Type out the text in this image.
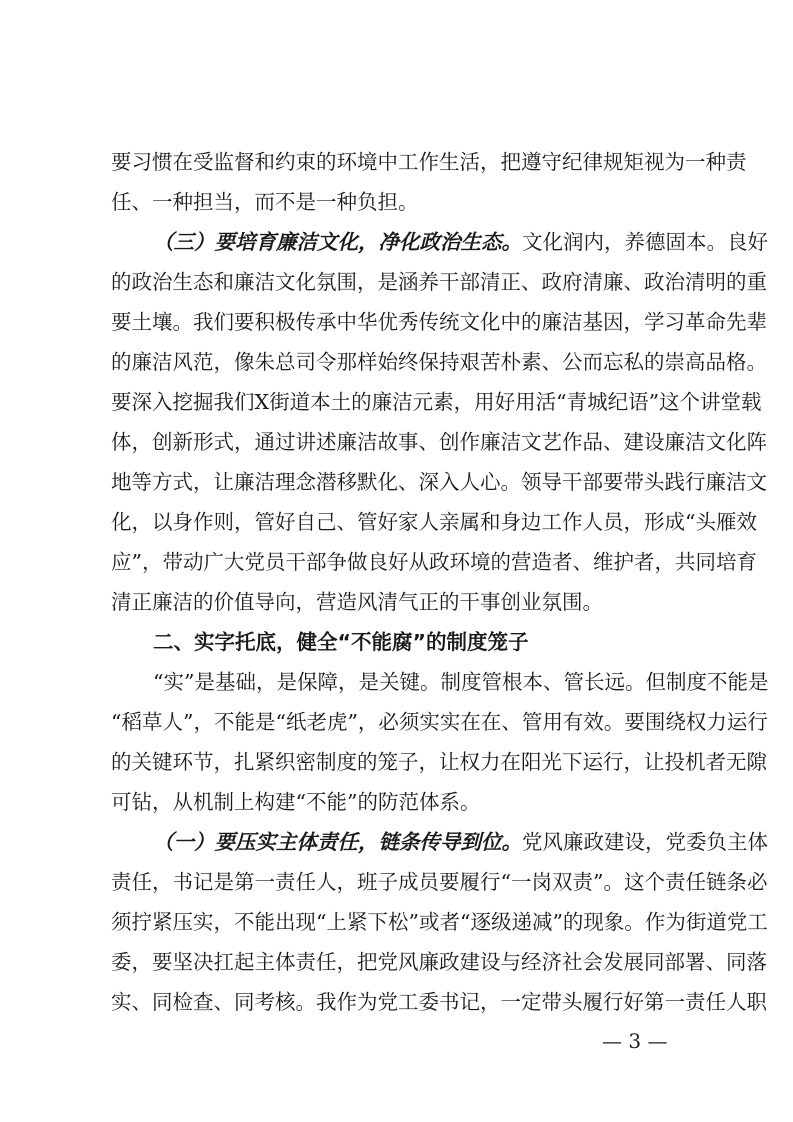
要习惯在受监督和约束的环境中工作生活，把遵守纪律规矩视为一种责
任、一种担当，而不是一种负担。
（三）要培育廉洁文化，净化政治生态。文化润内，养德固本。良好
的政治生态和廉洁文化氛围，是涵养干部清正、政府清廉、政治清明的重
要土壤。我们要积极传承中华优秀传统文化中的廉洁基因，学习革命先辈
的廉洁风范，像朱总司令那样始终保持艰苦朴素、公而忘私的崇高品格。
要深入挖掘我们X街道本土的廉洁元素，用好用活“青城纪语”这个讲堂载
体，创新形式，通过讲述廉洁故事、创作廉洁文艺作品、建设廉洁文化阵
地等方式，让廉洁理念潜移默化、深入人心。领导干部要带头践行廉洁文
化，以身作则，管好自己、管好家人亲属和身边工作人员，形成“头雁效
应”，带动广大党员干部争做良好从政环境的营造者、维护者，共同培育
清正廉洁的价值导向，营造风清气正的干事创业氛围。
二、实字托底，健全“不能腐”的制度笼子
“实”是基础，是保障，是关键。制度管根本、管长远。但制度不能是
“稻草人”，不能是“纸老虎”，必须实实在在、管用有效。要围绕权力运行
的关键环节，扎紧织密制度的笼子，让权力在阳光下运行，让投机者无隙
可钻，从机制上构建“不能”的防范体系。
（一）要压实主体责任，链条传导到位。党风廉政建设，党委负主体
责任，书记是第一责任人，班子成员要履行“一岗双责”。这个责任链条必
须拧紧压实，不能出现“上紧下松”或者“逐级递减”的现象。作为街道党工
委，要坚决扛起主体责任，把党风廉政建设与经济社会发展同部署、同落
实、同检查、同考核。我作为党工委书记，一定带头履行好第一责任人职
— 3 —
